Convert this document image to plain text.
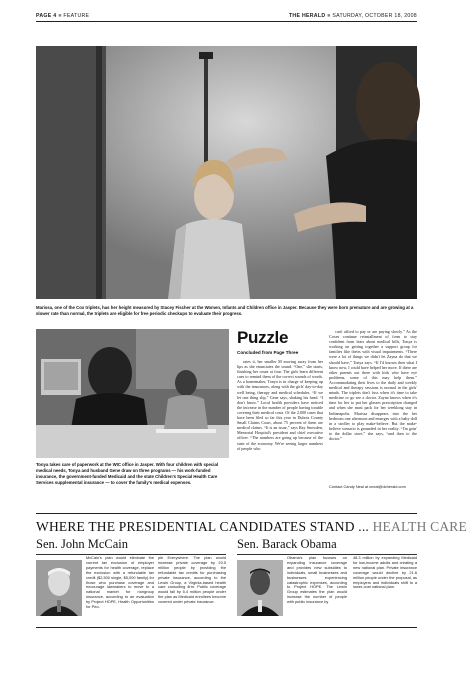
PAGE 4 ■ FEATURE	THE HERALD ■ SATURDAY, OCTOBER 18, 2008
Marissa, one of the Cox triplets, has her height measured by Stacey Fischer at the Women, Infants and Children office in Jasper. Because they were born premature and are growing at a slower rate than normal, the triplets are eligible for free periodic checkups to evaluate their progress.
Tonya takes care of paperwork at the WIC office in Jasper. With four children with special medical needs, Tonya and husband Gene draw on three programs — his work-funded insurance, the government-funded Medicaid and the state Children's Special Health Care Services supplemental insurance — to cover the family's medical expenses.
Puzzle
Concluded from Page Three

rates it, her smaller M moving away from her lips as she enunciates the sound. “One,” she starts, finishing her count at four. The girls learn different cues to remind them of the correct sounds of words. As a homemaker, Tonya is in charge of keeping up with the insurances, along with the girls' day-to-day well being, therapy and medical schedules. “If we let one thing slip,” Gene says, shaking his head. “I don't know.” Local health providers have noticed the increase in the number of people having trouble covering their medical costs. Of the 2,000 cases that have been filed so far this year in Dubois County Small Claims Court, about 75 percent of them are medical claims. “It is an issue,” says Ray Snowden, Memorial Hospital's president and chief executive officer. “The numbers are going up because of the state of the economy. We're seeing larger numbers of people who

can't afford to pay or are paying slowly.” As the Coxes continue reinstallment of form to stay confident from fears about medical bills, Tonya is working on getting together a support group for families like theirs with visual impairments. “There were a lot of things we didn't let Zayna do that we should have,” Tonya says. “If I'd known then what I know now, I could have helped her more. If there are other parents out there with kids who have eye problems, some of this may help them.” Accommodating their lives to the daily and weekly medical and therapy sessions is normal in the girls' minds. The triplets don't fuss when it's time to take medicine or go see a doctor. Zayna knows when it's time for her to put her glasses prescription changed and when she must pack for her weeklong stay in Indianapolis. Marissa disappears into the her bedroom one afternoon and emerges with a baby doll in a stroller to play make-believe. But the make-believe scenario is grounded in her reality. “I'm goin' to the dollar store,” she says, “and then to the doctor.”

Contact Candy Neal at cneal@dcherald.com
WHERE THE PRESIDENTIAL CANDIDATES STAND ... HEALTH CARE
Sen. John McCain
McCain's plan would eliminate the current tax exclusion of employer payments for health coverage, replace the exclusion with a refundable tax credit ($2,500 single, $5,000 family) for those who purchase coverage and encourage lawmakers to move to a national market for nongroup insurance, according to an evaluation by Project HOPE, Health Opportunities for Peo-
ple Everywhere. The plan would increase private coverage by 20.5 million people by providing the refundable tax credits for purchasing private insurance, according to the Lewin Group, a Virginia-based health care consulting firm. Public coverage would fall by 5.4 million people under the plan as Medicaid enrollees become covered under private insurance.
Sen. Barack Obama
Obama's plan focuses on expanding insurance coverage and provides new subsidies to individuals, small businesses and businesses experiencing catastrophic expenses, according to Project HOPE. The Lewin Group estimates the plan would increase the number of people with public insurance by
48.3 million by expanding Medicaid for low-income adults and creating a new national plan. Private insurance coverage would decline by 21.6 million people under the proposal, as employers and individuals shift to a lower-cost national plan.
